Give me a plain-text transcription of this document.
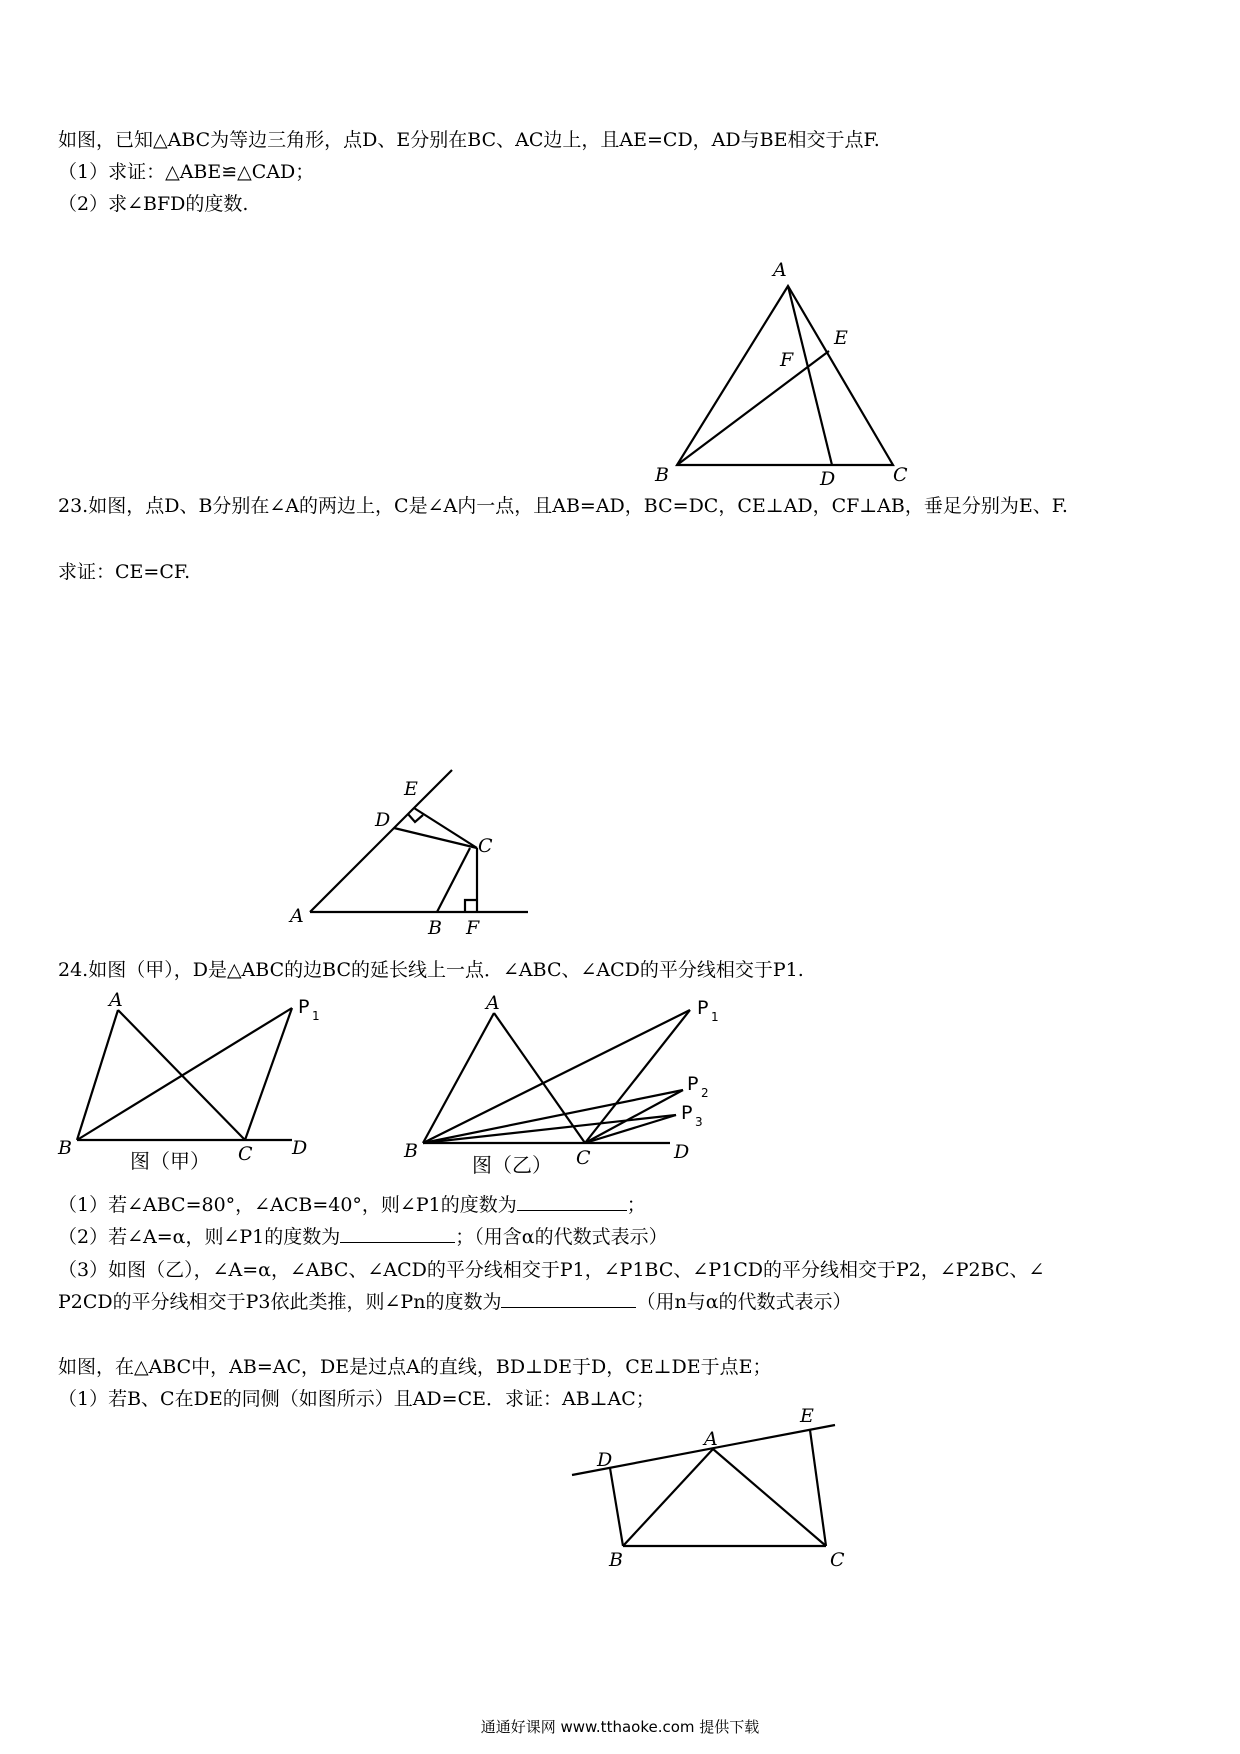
如图，已知△ABC为等边三角形，点D、E分别在BC、AC边上，且AE=CD，AD与BE相交于点F.
（1）求证：△ABE≌△CAD；
（2）求∠BFD的度数.
A
E
F
B	D	C
23.如图，点D、B分别在∠A的两边上，C是∠A内一点，且AB=AD，BC=DC，CE⊥AD，CF⊥AB，垂足分别为E、F.
求证：CE=CF.
E
D
C
A
B F
24.如图（甲），D是△ABC的边BC的延长线上一点．∠ABC、∠ACD的平分线相交于P1.
A	P 1
B	C D
图（甲）
A	P 1
P 2
P 3
B	C	D
图（乙）
（1）若∠ABC=80°，∠ACB=40°，则∠P1的度数为	；
（2）若∠A=α，则∠P1的度数为	；（用含α的代数式表示）
（3）如图（乙），∠A=α，∠ABC、∠ACD的平分线相交于P1，∠P1BC、∠P1CD的平分线相交于P2，∠P2BC、∠
P2CD的平分线相交于P3依此类推，则∠Pn的度数为	（用n与α的代数式表示）
如图，在△ABC中，AB=AC，DE是过点A的直线，BD⊥DE于D，CE⊥DE于点E；
（1）若B、C在DE的同侧（如图所示）且AD=CE．求证：AB⊥AC；
D
A
E
B	C
通通好课网 www.tthaoke.com 提供下载
